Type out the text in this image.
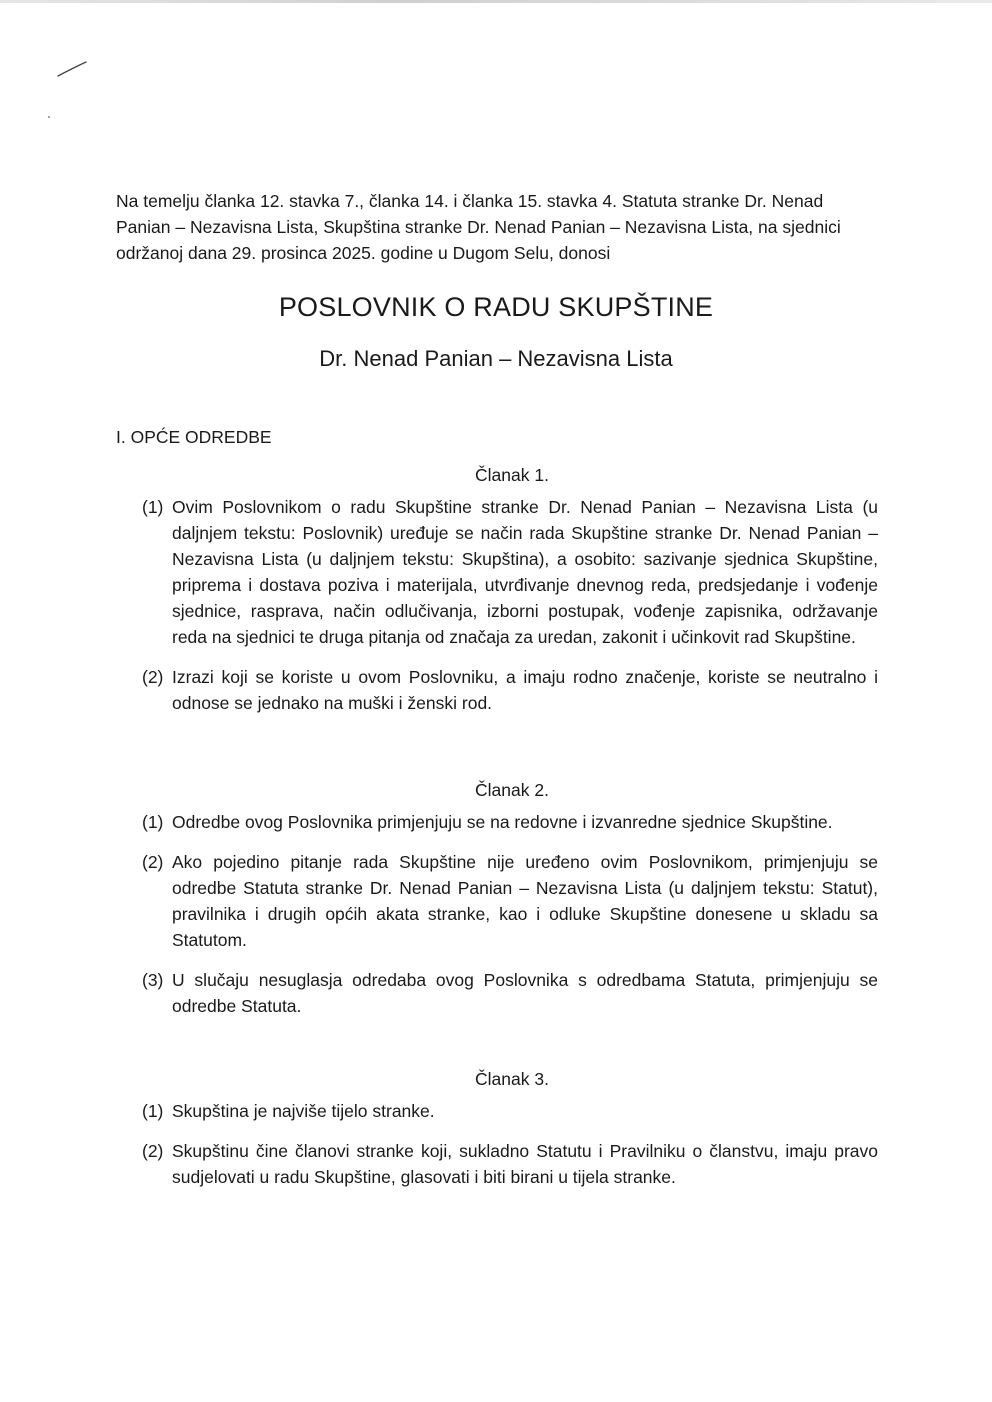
Na temelju članka 12. stavka 7., članka 14. i članka 15. stavka 4. Statuta stranke Dr. Nenad Panian – Nezavisna Lista, Skupština stranke Dr. Nenad Panian – Nezavisna Lista, na sjednici održanoj dana 29. prosinca 2025. godine u Dugom Selu, donosi
POSLOVNIK O RADU SKUPŠTINE
Dr. Nenad Panian – Nezavisna Lista
I. OPĆE ODREDBE
Članak 1.
(1) Ovim Poslovnikom o radu Skupštine stranke Dr. Nenad Panian – Nezavisna Lista (u daljnjem tekstu: Poslovnik) uređuje se način rada Skupštine stranke Dr. Nenad Panian – Nezavisna Lista (u daljnjem tekstu: Skupština), a osobito: sazivanje sjednica Skupštine, priprema i dostava poziva i materijala, utvrđivanje dnevnog reda, predsjedanje i vođenje sjednice, rasprava, način odlučivanja, izborni postupak, vođenje zapisnika, održavanje reda na sjednici te druga pitanja od značaja za uredan, zakonit i učinkovit rad Skupštine.
(2) Izrazi koji se koriste u ovom Poslovniku, a imaju rodno značenje, koriste se neutralno i odnose se jednako na muški i ženski rod.
Članak 2.
(1) Odredbe ovog Poslovnika primjenjuju se na redovne i izvanredne sjednice Skupštine.
(2) Ako pojedino pitanje rada Skupštine nije uređeno ovim Poslovnikom, primjenjuju se odredbe Statuta stranke Dr. Nenad Panian – Nezavisna Lista (u daljnjem tekstu: Statut), pravilnika i drugih općih akata stranke, kao i odluke Skupštine donesene u skladu sa Statutom.
(3) U slučaju nesuglasja odredaba ovog Poslovnika s odredbama Statuta, primjenjuju se odredbe Statuta.
Članak 3.
(1) Skupština je najviše tijelo stranke.
(2) Skupštinu čine članovi stranke koji, sukladno Statutu i Pravilniku o članstvu, imaju pravo sudjelovati u radu Skupštine, glasovati i biti birani u tijela stranke.
